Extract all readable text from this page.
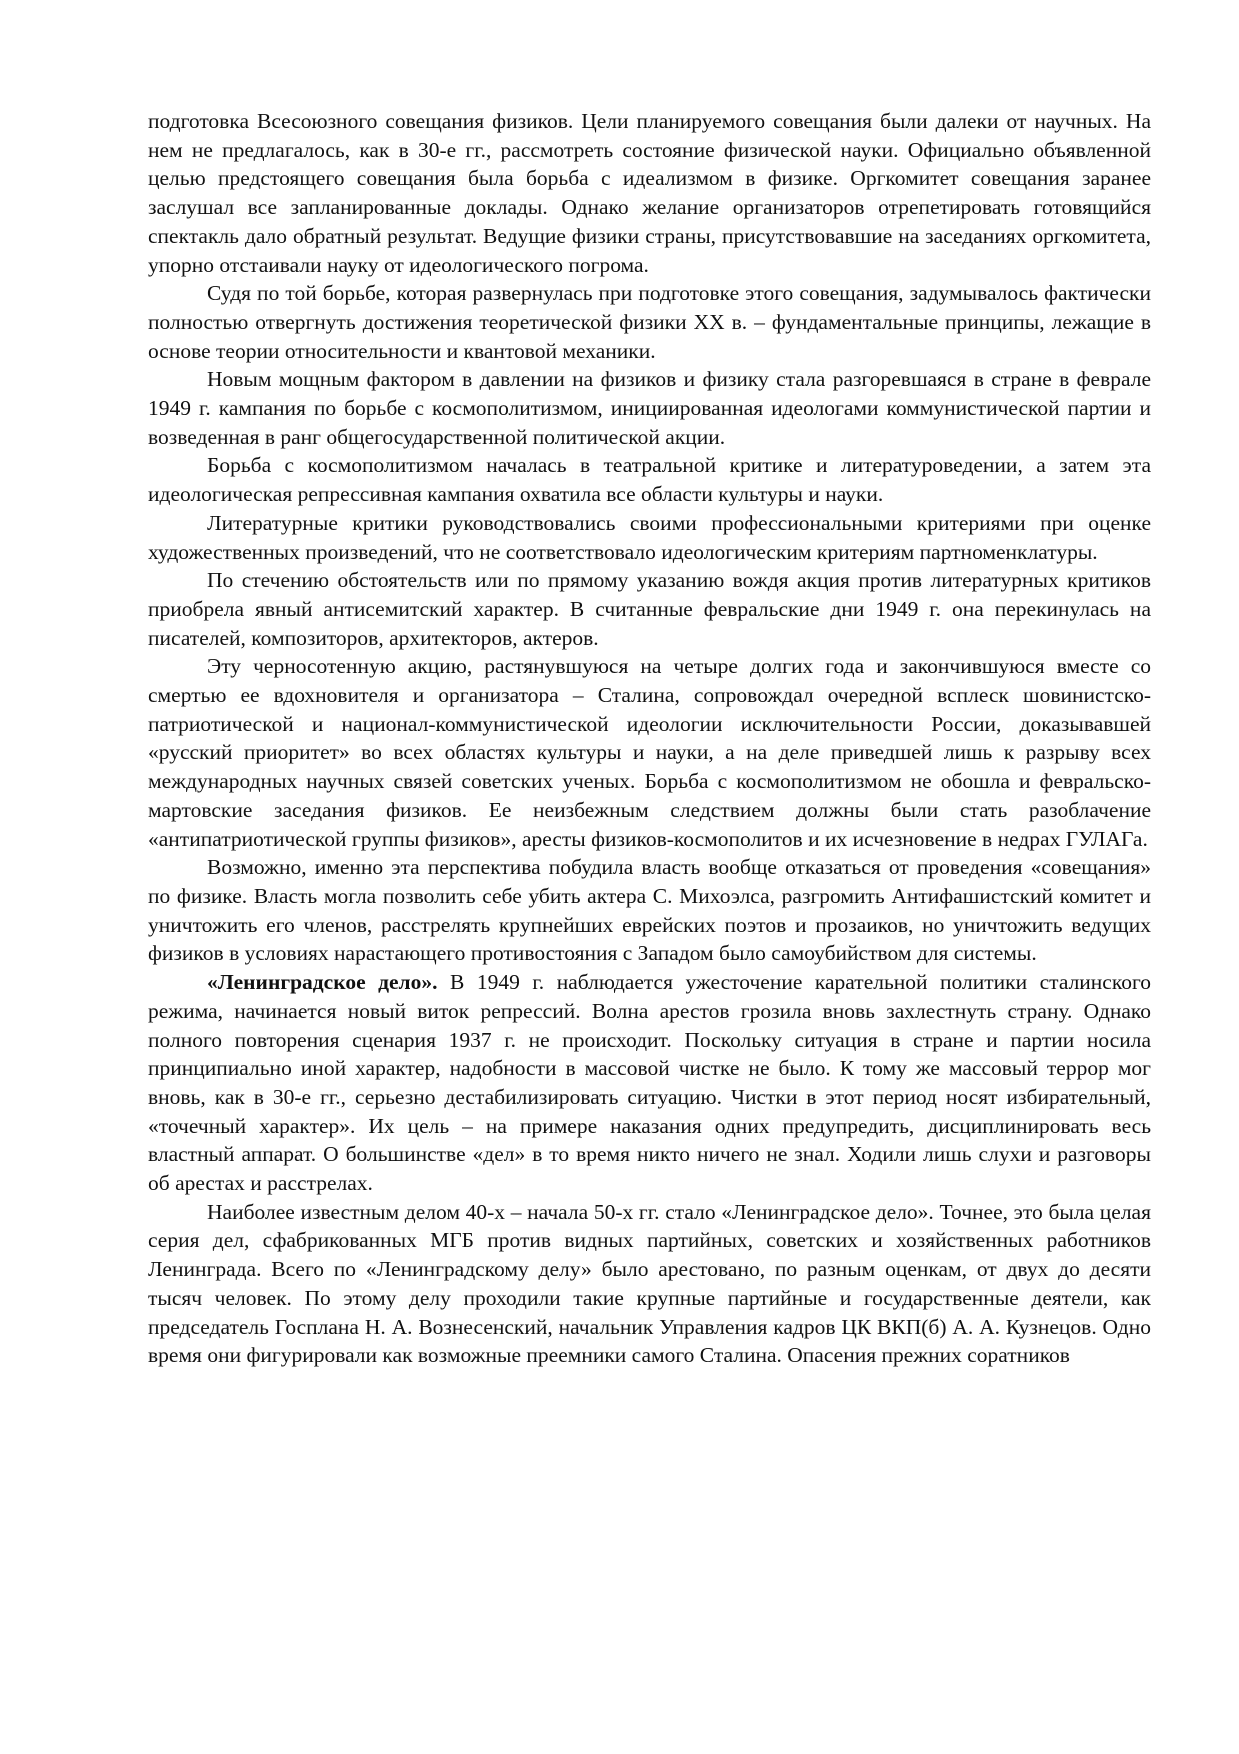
подготовка Всесоюзного совещания физиков. Цели планируемого совещания были далеки от научных. На нем не предлагалось, как в 30-е гг., рассмотреть состояние физической науки. Официально объявленной целью предстоящего совещания была борьба с идеализмом в физике. Оргкомитет совещания заранее заслушал все запланированные доклады. Однако желание организаторов отрепетировать готовящийся спектакль дало обратный результат. Ведущие физики страны, присутствовавшие на заседаниях оргкомитета, упорно отстаивали науку от идеологического погрома.

Судя по той борьбе, которая развернулась при подготовке этого совещания, задумывалось фактически полностью отвергнуть достижения теоретической физики XX в. – фундаментальные принципы, лежащие в основе теории относительности и квантовой механики.

Новым мощным фактором в давлении на физиков и физику стала разгоревшаяся в стране в феврале 1949 г. кампания по борьбе с космополитизмом, инициированная идеологами коммунистической партии и возведенная в ранг общегосударственной политической акции.

Борьба с космополитизмом началась в театральной критике и литературоведении, а затем эта идеологическая репрессивная кампания охватила все области культуры и науки.

Литературные критики руководствовались своими профессиональными критериями при оценке художественных произведений, что не соответствовало идеологическим критериям партноменклатуры.

По стечению обстоятельств или по прямому указанию вождя акция против литературных критиков приобрела явный антисемитский характер. В считанные февральские дни 1949 г. она перекинулась на писателей, композиторов, архитекторов, актеров.

Эту черносотенную акцию, растянувшуюся на четыре долгих года и закончившуюся вместе со смертью ее вдохновителя и организатора – Сталина, сопровождал очередной всплеск шовинистско-патриотической и национал-коммунистической идеологии исключительности России, доказывавшей «русский приоритет» во всех областях культуры и науки, а на деле приведшей лишь к разрыву всех международных научных связей советских ученых. Борьба с космополитизмом не обошла и февральско-мартовские заседания физиков. Ее неизбежным следствием должны были стать разоблачение «антипатриотической группы физиков», аресты физиков-космополитов и их исчезновение в недрах ГУЛАГа.

Возможно, именно эта перспектива побудила власть вообще отказаться от проведения «совещания» по физике. Власть могла позволить себе убить актера С. Михоэлса, разгромить Антифашистский комитет и уничтожить его членов, расстрелять крупнейших еврейских поэтов и прозаиков, но уничтожить ведущих физиков в условиях нарастающего противостояния с Западом было самоубийством для системы.

«Ленинградское дело». В 1949 г. наблюдается ужесточение карательной политики сталинского режима, начинается новый виток репрессий. Волна арестов грозила вновь захлестнуть страну. Однако полного повторения сценария 1937 г. не происходит. Поскольку ситуация в стране и партии носила принципиально иной характер, надобности в массовой чистке не было. К тому же массовый террор мог вновь, как в 30-е гг., серьезно дестабилизировать ситуацию. Чистки в этот период носят избирательный, «точечный характер». Их цель – на примере наказания одних предупредить, дисциплинировать весь властный аппарат. О большинстве «дел» в то время никто ничего не знал. Ходили лишь слухи и разговоры об арестах и расстрелах.

Наиболее известным делом 40-х – начала 50-х гг. стало «Ленинградское дело». Точнее, это была целая серия дел, сфабрикованных МГБ против видных партийных, советских и хозяйственных работников Ленинграда. Всего по «Ленинградскому делу» было арестовано, по разным оценкам, от двух до десяти тысяч человек. По этому делу проходили такие крупные партийные и государственные деятели, как председатель Госплана Н. А. Вознесенский, начальник Управления кадров ЦК ВКП(б) А. А. Кузнецов. Одно время они фигурировали как возможные преемники самого Сталина. Опасения прежних соратников
